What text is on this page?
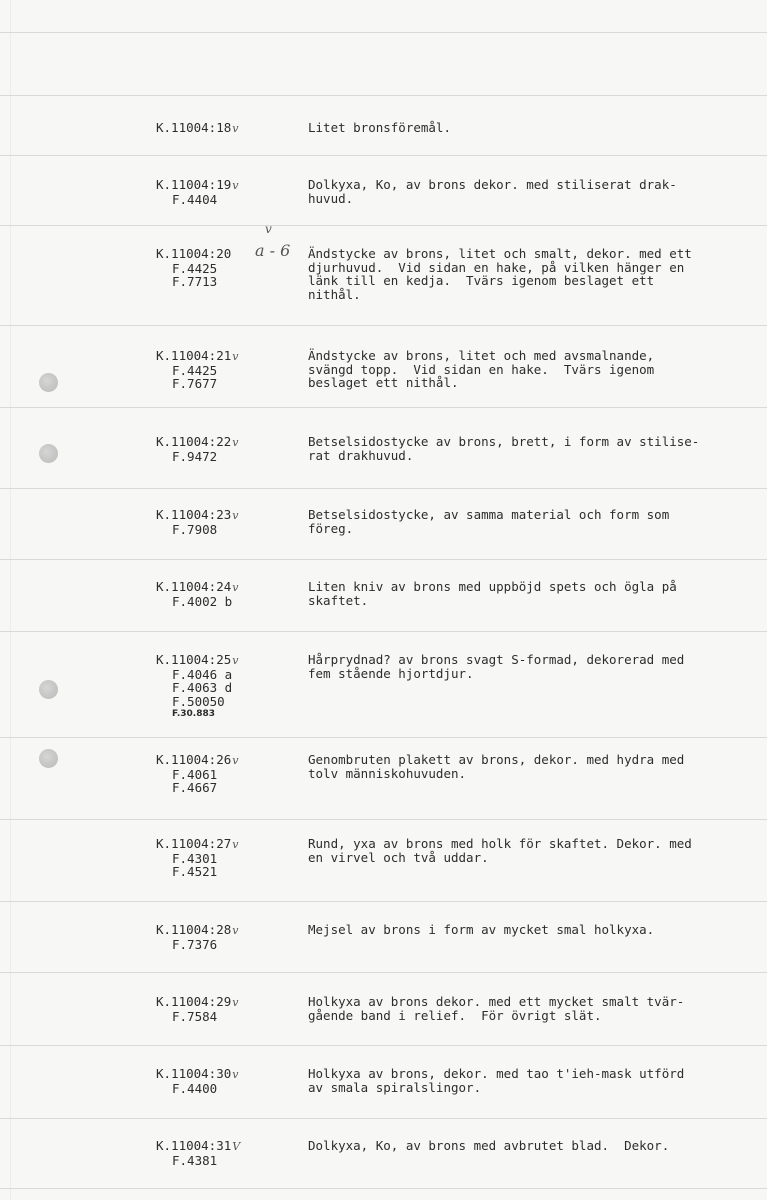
a - 6
v
K.11004:18v	Litet bronsföremål.
K.11004:19v
F.4404
Dolkyxa, Ko, av brons dekor. med stiliserat drak-
huvud.
K.11004:20
F.4425
F.7713
Ändstycke av brons, litet och smalt, dekor. med ett
djurhuvud.  Vid sidan en hake, på vilken hänger en
länk till en kedja.  Tvärs igenom beslaget ett
nithål.
K.11004:21v
F.4425
F.7677
Ändstycke av brons, litet och med avsmalnande,
svängd topp.  Vid sidan en hake.  Tvärs igenom
beslaget ett nithål.
K.11004:22v
F.9472
Betselsidostycke av brons, brett, i form av stilise-
rat drakhuvud.
K.11004:23v
F.7908
Betselsidostycke, av samma material och form som
föreg.
K.11004:24v
F.4002 b
Liten kniv av brons med uppböjd spets och ögla på
skaftet.
K.11004:25v
F.4046 a
F.4063 d
F.50050
F.30.883
Hårprydnad? av brons svagt S-formad, dekorerad med
fem stående hjortdjur.
K.11004:26v
F.4061
F.4667
Genombruten plakett av brons, dekor. med hydra med
tolv människohuvuden.
K.11004:27v
F.4301
F.4521
Rund, yxa av brons med holk för skaftet. Dekor. med
en virvel och två uddar.
K.11004:28v
F.7376
Mejsel av brons i form av mycket smal holkyxa.
K.11004:29v
F.7584
Holkyxa av brons dekor. med ett mycket smalt tvär-
gående band i relief.  För övrigt slät.
K.11004:30v
F.4400
Holkyxa av brons, dekor. med tao t'ieh-mask utförd
av smala spiralslingor.
K.11004:31V
F.4381
Dolkyxa, Ko, av brons med avbrutet blad.  Dekor.
